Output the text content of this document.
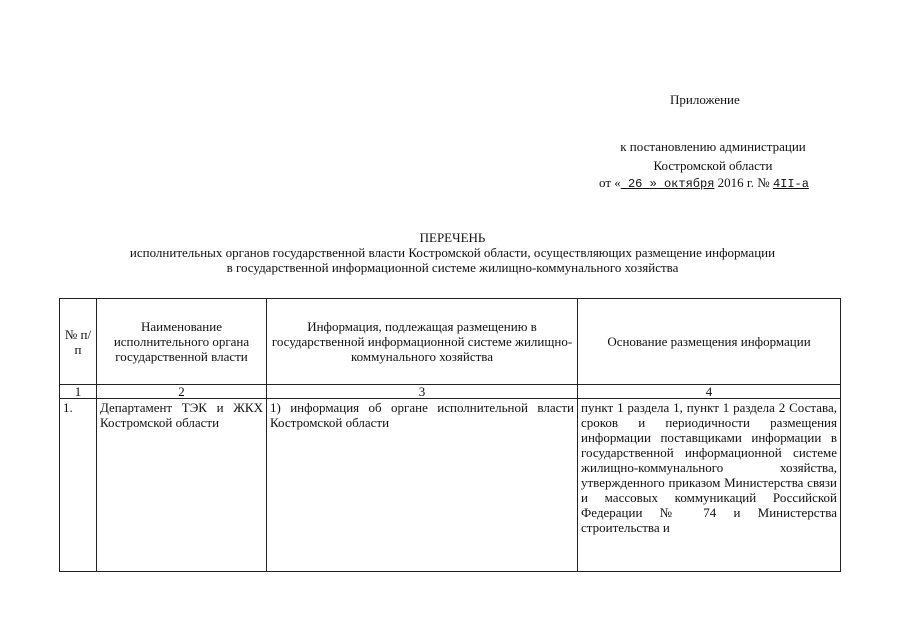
Приложение
к постановлению администрации
Костромской области
от « 26 » октября 2016 г. № 4II-а
ПЕРЕЧЕНЬ
исполнительных органов государственной власти Костромской области, осуществляющих размещение информации
в государственной информационной системе жилищно-коммунального хозяйства
№ п/п	Наименование исполнительного органа государственной власти	Информация, подлежащая размещению в государственной информационной системе жилищно-коммунального хозяйства	Основание размещения информации
1	2	3	4
1.	Департамент ТЭК и ЖКХ Костромской области	1) информация об органе исполнительной власти Костромской области	пункт 1 раздела 1, пункт 1 раздела 2 Состава, сроков и периодичности размещения информации поставщиками информации в государственной информационной системе жилищно-коммунального хозяйства, утвержденного приказом Министерства связи и массовых коммуникаций Российской Федерации № 74 и Министерства строительства и
